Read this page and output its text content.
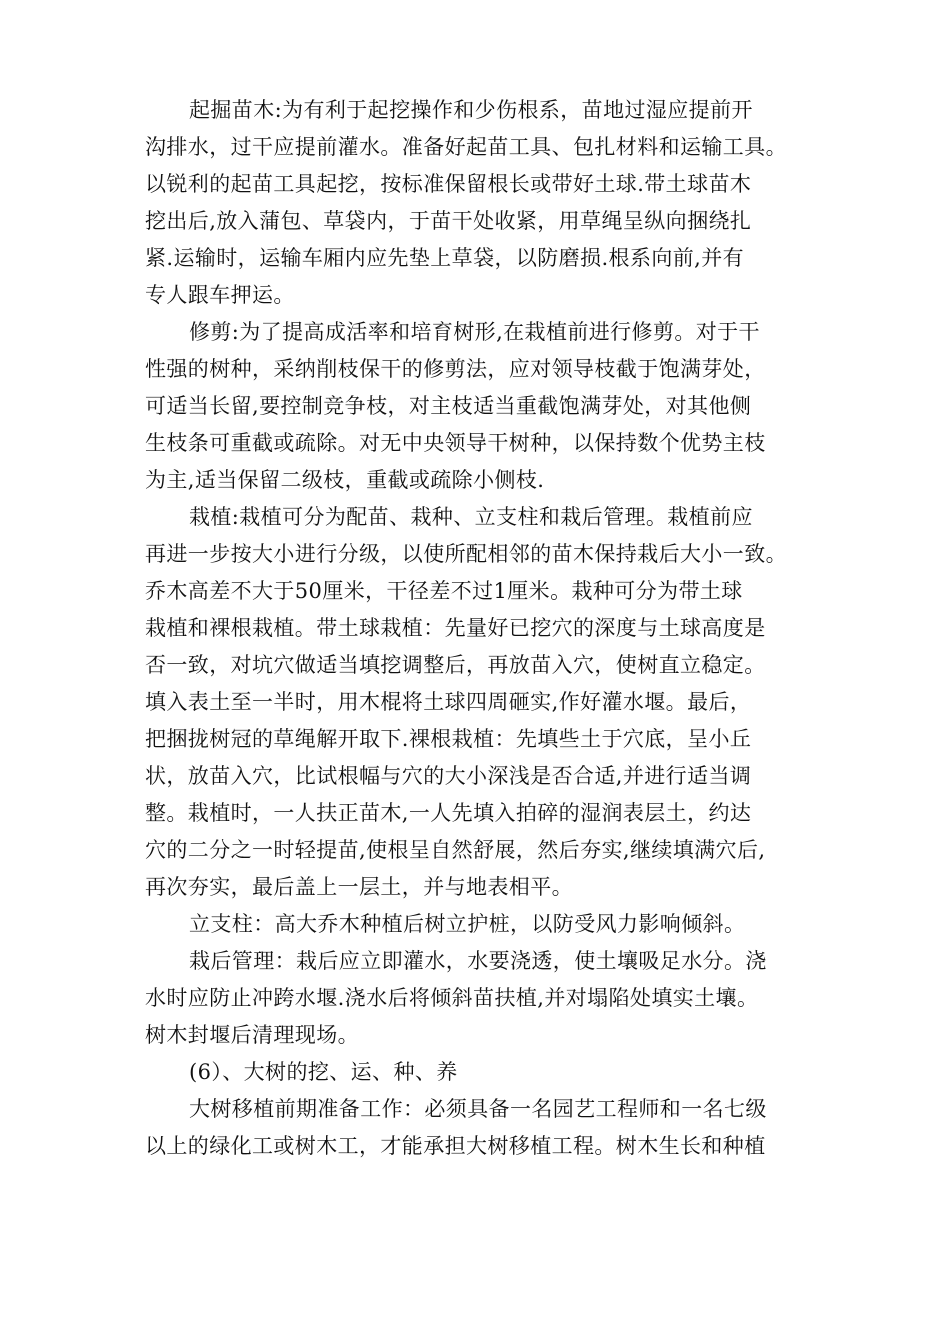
起掘苗木:为有利于起挖操作和少伤根系，苗地过湿应提前开
沟排水，过干应提前灌水。准备好起苗工具、包扎材料和运输工具。
以锐利的起苗工具起挖，按标准保留根长或带好土球.带土球苗木
挖出后,放入蒲包、草袋内，于苗干处收紧，用草绳呈纵向捆绕扎
紧.运输时，运输车厢内应先垫上草袋，以防磨损.根系向前,并有
专人跟车押运。

修剪:为了提高成活率和培育树形,在栽植前进行修剪。对于干
性强的树种，采纳削枝保干的修剪法，应对领导枝截于饱满芽处，
可适当长留,要控制竞争枝，对主枝适当重截饱满芽处，对其他侧
生枝条可重截或疏除。对无中央领导干树种，以保持数个优势主枝
为主,适当保留二级枝，重截或疏除小侧枝.

栽植:栽植可分为配苗、栽种、立支柱和栽后管理。栽植前应
再进一步按大小进行分级，以使所配相邻的苗木保持栽后大小一致。
乔木高差不大于50厘米，干径差不过1厘米。栽种可分为带土球
栽植和裸根栽植。带土球栽植：先量好已挖穴的深度与土球高度是
否一致，对坑穴做适当填挖调整后，再放苗入穴，使树直立稳定。
填入表土至一半时，用木棍将土球四周砸实,作好灌水堰。最后，
把捆拢树冠的草绳解开取下.裸根栽植：先填些土于穴底，呈小丘
状，放苗入穴，比试根幅与穴的大小深浅是否合适,并进行适当调
整。栽植时，一人扶正苗木,一人先填入拍碎的湿润表层土，约达
穴的二分之一时轻提苗,使根呈自然舒展，然后夯实,继续填满穴后,
再次夯实，最后盖上一层土，并与地表相平。

立支柱：高大乔木种植后树立护桩，以防受风力影响倾斜。

栽后管理：栽后应立即灌水，水要浇透，使土壤吸足水分。浇
水时应防止冲跨水堰.浇水后将倾斜苗扶植,并对塌陷处填实土壤。
树木封堰后清理现场。

(6）、大树的挖、运、种、养

大树移植前期准备工作：必须具备一名园艺工程师和一名七级
以上的绿化工或树木工，才能承担大树移植工程。树木生长和种植
